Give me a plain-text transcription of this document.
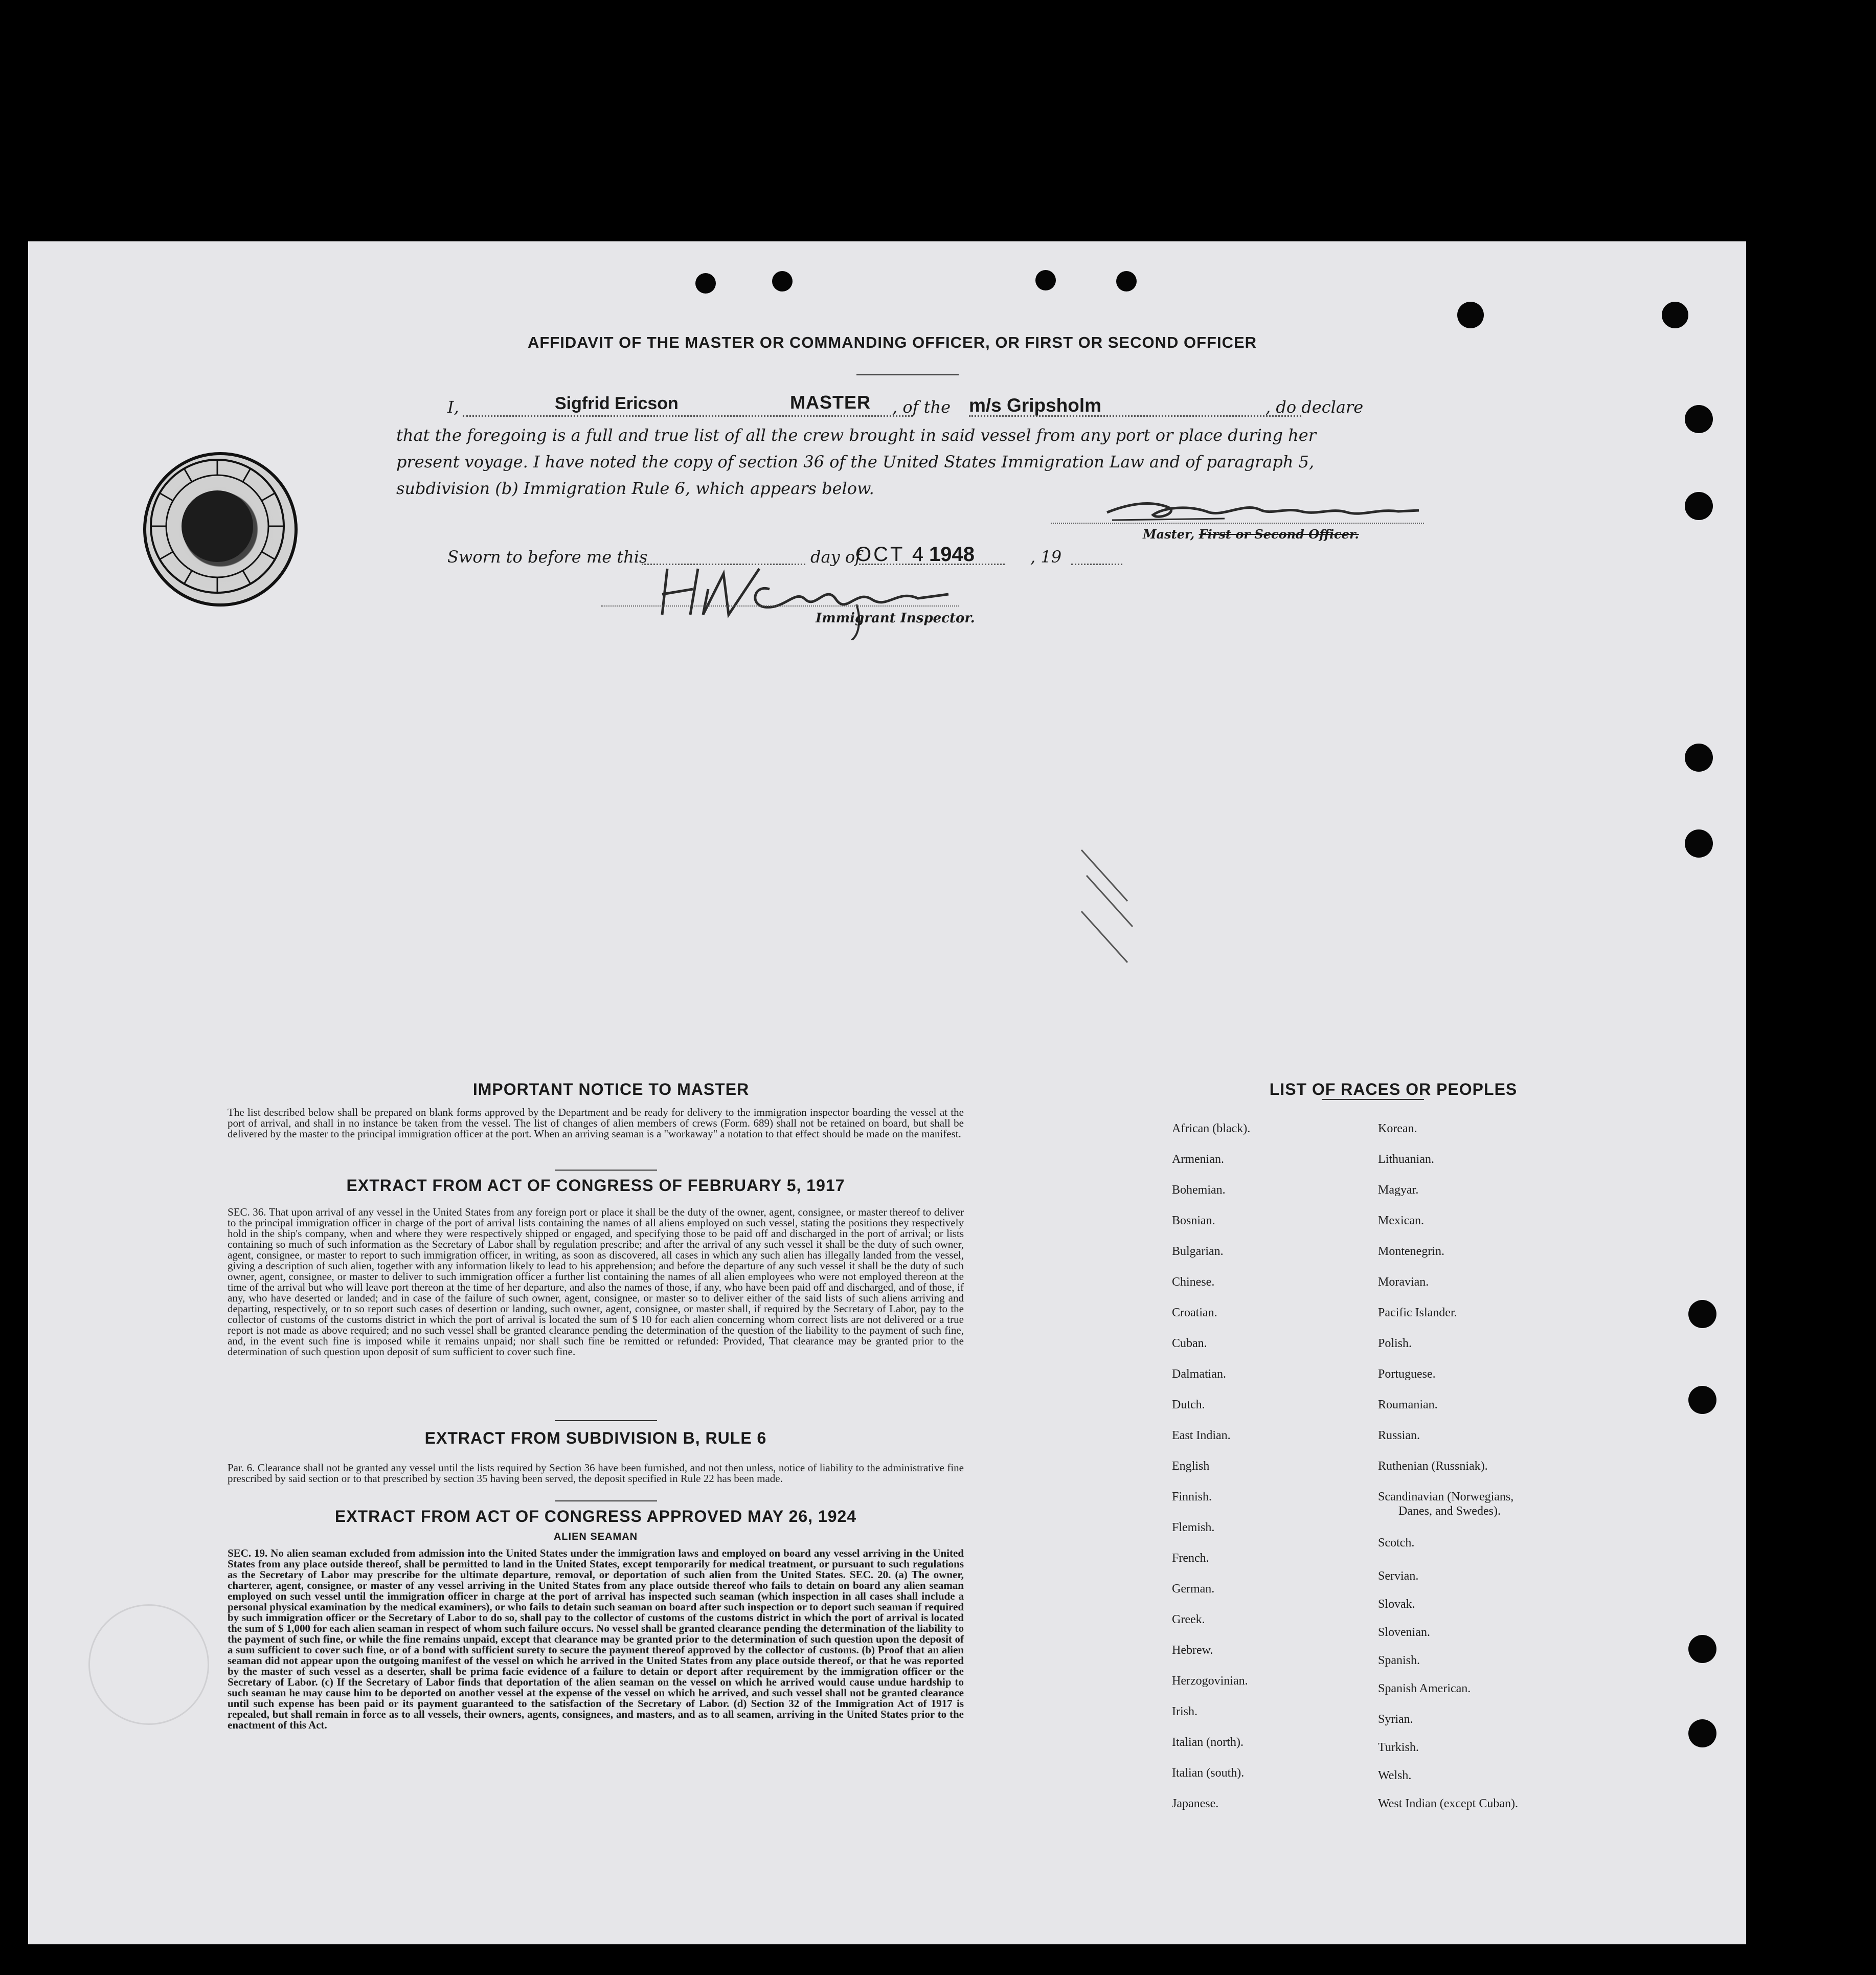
AFFIDAVIT OF THE MASTER OR COMMANDING OFFICER, OR FIRST OR SECOND OFFICER
I,	Sigfrid Ericson	MASTER , of the m/s Gripsholm	, do declare
that the foregoing is a full and true list of all the crew brought in said vessel from any port or place during her
present voyage. I have noted the copy of section 36 of the United States Immigration Law and of paragraph 5,
subdivision (b) Immigration Rule 6, which appears below.
Master, First or Second Officer.
Sworn to before me this	day of
OCT 4 1948	, 19
Immigrant Inspector.
IMPORTANT NOTICE TO MASTER

The list described below shall be prepared on blank forms approved by the Department and be ready for delivery to the immigration inspector boarding the vessel at the port of arrival, and shall in no instance be taken from the vessel. The list of changes of alien members of crews (Form. 689) shall not be retained on board, but shall be delivered by the master to the principal immigration officer at the port. When an arriving seaman is a "workaway" a notation to that effect should be made on the manifest.

EXTRACT FROM ACT OF CONGRESS OF FEBRUARY 5, 1917

SEC. 36. That upon arrival of any vessel in the United States from any foreign port or place it shall be the duty of the owner, agent, consignee, or master thereof to deliver to the principal immigration officer in charge of the port of arrival lists containing the names of all aliens employed on such vessel, stating the positions they respectively hold in the ship's company, when and where they were respectively shipped or engaged, and specifying those to be paid off and discharged in the port of arrival; or lists containing so much of such information as the Secretary of Labor shall by regulation prescribe; and after the arrival of any such vessel it shall be the duty of such owner, agent, consignee, or master to report to such immigration officer, in writing, as soon as discovered, all cases in which any such alien has illegally landed from the vessel, giving a description of such alien, together with any information likely to lead to his apprehension; and before the departure of any such vessel it shall be the duty of such owner, agent, consignee, or master to deliver to such immigration officer a further list containing the names of all alien employees who were not employed thereon at the time of the arrival but who will leave port thereon at the time of her departure, and also the names of those, if any, who have been paid off and discharged, and of those, if any, who have deserted or landed; and in case of the failure of such owner, agent, consignee, or master so to deliver either of the said lists of such aliens arriving and departing, respectively, or to so report such cases of desertion or landing, such owner, agent, consignee, or master shall, if required by the Secretary of Labor, pay to the collector of customs of the customs district in which the port of arrival is located the sum of $ 10 for each alien concerning whom correct lists are not delivered or a true report is not made as above required; and no such vessel shall be granted clearance pending the determination of the question of the liability to the payment of such fine, and, in the event such fine is imposed while it remains unpaid; nor shall such fine be remitted or refunded: Provided, That clearance may be granted prior to the determination of such question upon deposit of sum sufficient to cover such fine.

EXTRACT FROM SUBDIVISION B, RULE 6

Par. 6. Clearance shall not be granted any vessel until the lists required by Section 36 have been furnished, and not then unless, notice of liability to the administrative fine prescribed by said section or to that prescribed by section 35 having been served, the deposit specified in Rule 22 has been made.

EXTRACT FROM ACT OF CONGRESS APPROVED MAY 26, 1924
ALIEN SEAMAN

SEC. 19. No alien seaman excluded from admission into the United States under the immigration laws and employed on board any vessel arriving in the United States from any place outside thereof, shall be permitted to land in the United States, except temporarily for medical treatment, or pursuant to such regulations as the Secretary of Labor may prescribe for the ultimate departure, removal, or deportation of such alien from the United States. SEC. 20. (a) The owner, charterer, agent, consignee, or master of any vessel arriving in the United States from any place outside thereof who fails to detain on board any alien seaman employed on such vessel until the immigration officer in charge at the port of arrival has inspected such seaman (which inspection in all cases shall include a personal physical examination by the medical examiners), or who fails to detain such seaman on board after such inspection or to deport such seaman if required by such immigration officer or the Secretary of Labor to do so, shall pay to the collector of customs of the customs district in which the port of arrival is located the sum of $ 1,000 for each alien seaman in respect of whom such failure occurs. No vessel shall be granted clearance pending the determination of the liability to the payment of such fine, or while the fine remains unpaid, except that clearance may be granted prior to the determination of such question upon the deposit of a sum sufficient to cover such fine, or of a bond with sufficient surety to secure the payment thereof approved by the collector of customs. (b) Proof that an alien seaman did not appear upon the outgoing manifest of the vessel on which he arrived in the United States from any place outside thereof, or that he was reported by the master of such vessel as a deserter, shall be prima facie evidence of a failure to detain or deport after requirement by the immigration officer or the Secretary of Labor. (c) If the Secretary of Labor finds that deportation of the alien seaman on the vessel on which he arrived would cause undue hardship to such seaman he may cause him to be deported on another vessel at the expense of the vessel on which he arrived, and such vessel shall not be granted clearance until such expense has been paid or its payment guaranteed to the satisfaction of the Secretary of Labor. (d) Section 32 of the Immigration Act of 1917 is repealed, but shall remain in force as to all vessels, their owners, agents, consignees, and masters, and as to all seamen, arriving in the United States prior to the enactment of this Act.

LIST OF RACES OR PEOPLES
African (black).
Armenian.
Bohemian.
Bosnian.
Bulgarian.
Chinese.
Croatian.
Cuban.
Dalmatian.
Dutch.
East Indian.
English
Finnish.
Flemish.
French.
German.
Greek.
Hebrew.
Herzogovinian.
Irish.
Italian (north).
Italian (south).
Japanese.
Korean.
Lithuanian.
Magyar.
Mexican.
Montenegrin.
Moravian.
Pacific Islander.
Polish.
Portuguese.
Roumanian.
Russian.
Ruthenian (Russniak).
Scandinavian (Norwegians,
Danes, and Swedes).
Scotch.
Servian.
Slovak.
Slovenian.
Spanish.
Spanish American.
Syrian.
Turkish.
Welsh.
West Indian (except Cuban).
